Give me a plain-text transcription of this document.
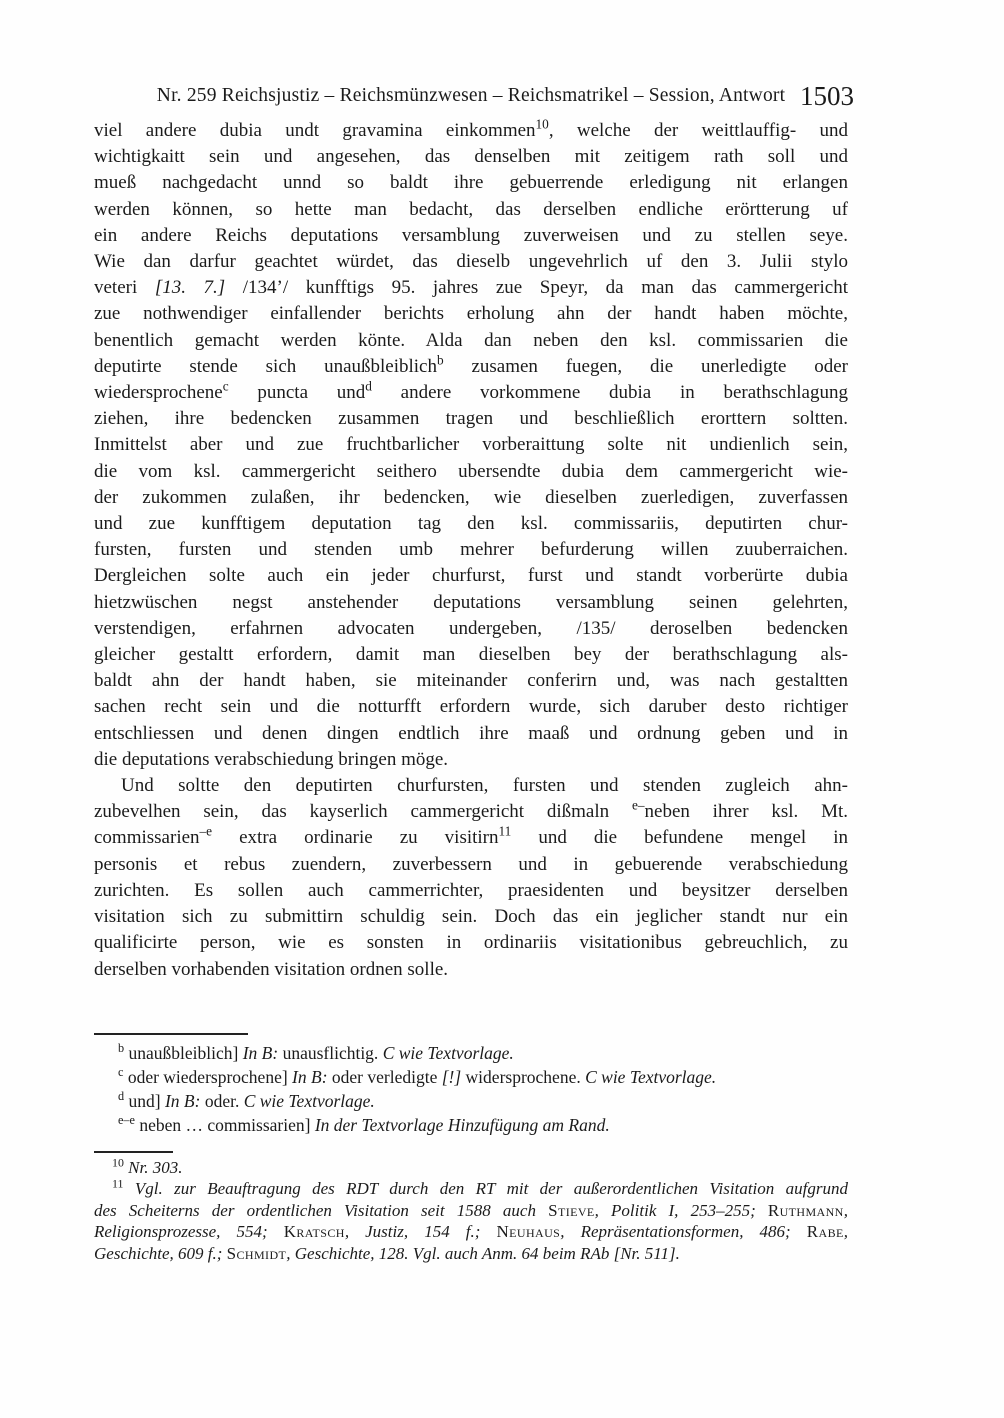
Nr. 259 Reichsjustiz – Reichsmünzwesen – Reichsmatrikel – Session, Antwort 1503
viel andere dubia undt gravamina einkommen$^{10}$, welche der weittlauffig- und
wichtigkaitt sein und angesehen, das denselben mit zeitigem rath soll und
mueß nachgedacht unnd so baldt ihre gebuerrende erledigung nit erlangen
werden können, so hette man bedacht, das derselben endliche erörtterung uf
ein andere Reichs deputations versamblung zuverweisen und zu stellen seye.
Wie dan darfur geachtet würdet, das dieselb ungevehrlich uf den 3. Julii stylo
veteri [13. 7.] /134’/ kunfftigs 95. jahres zue Speyr, da man das cammergericht
zue nothwendiger einfallender berichts erholung ahn der handt haben möchte,
benentlich gemacht werden könte. Alda dan neben den ksl. commissarien die
deputirte stende sich unaußbleiblich$^b$ zusamen fuegen, die unerledigte oder
wiedersprochene$^c$ puncta und$^d$ andere vorkommene dubia in berathschlagung
ziehen, ihre bedencken zusammen tragen und beschließlich erorttern soltten.
Inmittelst aber und zue fruchtbarlicher vorberaittung solte nit undienlich sein,
die vom ksl. cammergericht seithero ubersendte dubia dem cammergericht wie-
der zukommen zulaßen, ihr bedencken, wie dieselben zuerledigen, zuverfassen
und zue kunfftigem deputation tag den ksl. commissariis, deputirten chur-
fursten, fursten und stenden umb mehrer befurderung willen zuuberraichen.
Dergleichen solte auch ein jeder churfurst, furst und standt vorberürte dubia
hietzwüschen negst anstehender deputations versamblung seinen gelehrten,
verstendigen, erfahrnen advocaten undergeben, /135/ deroselben bedencken
gleicher gestaltt erfordern, damit man dieselben bey der berathschlagung als-
baldt ahn der handt haben, sie miteinander conferirn und, was nach gestaltten
sachen recht sein und die notturfft erfordern wurde, sich daruber desto richtiger
entschliessen und denen dingen endtlich ihre maaß und ordnung geben und in
die deputations verabschiedung bringen möge.
Und soltte den deputirten churfursten, fursten und stenden zugleich ahn-
zubevelhen sein, das kayserlich cammergericht dißmaln $^{e-}$neben ihrer ksl. Mt.
commissarien$^{-e}$ extra ordinarie zu visitirn$^{11}$ und die befundene mengel in
personis et rebus zuendern, zuverbessern und in gebuerende verabschiedung
zurichten. Es sollen auch cammerrichter, praesidenten und beysitzer derselben
visitation sich zu submittirn schuldig sein. Doch das ein jeglicher standt nur ein
qualificirte person, wie es sonsten in ordinariis visitationibus gebreuchlich, zu
derselben vorhabenden visitation ordnen solle.
$^b$ unaußbleiblich] In B: unausflichtig. C wie Textvorlage.
$^c$ oder wiedersprochene] In B: oder verledigte [!] widersprochene. C wie Textvorlage.
$^d$ und] In B: oder. C wie Textvorlage.
$^{e-e}$ neben … commissarien] In der Textvorlage Hinzufügung am Rand.
$^{10}$ Nr. 303.
$^{11}$ Vgl. zur Beauftragung des RDT durch den RT mit der außerordentlichen Visitation aufgrund
des Scheiterns der ordentlichen Visitation seit 1588 auch Stieve, Politik I, 253–255; Ruthmann,
Religionsprozesse, 554; Kratsch, Justiz, 154 f.; Neuhaus, Repräsentationsformen, 486; Rabe,
Geschichte, 609 f.; Schmidt, Geschichte, 128. Vgl. auch Anm. 64 beim RAb [Nr. 511].
